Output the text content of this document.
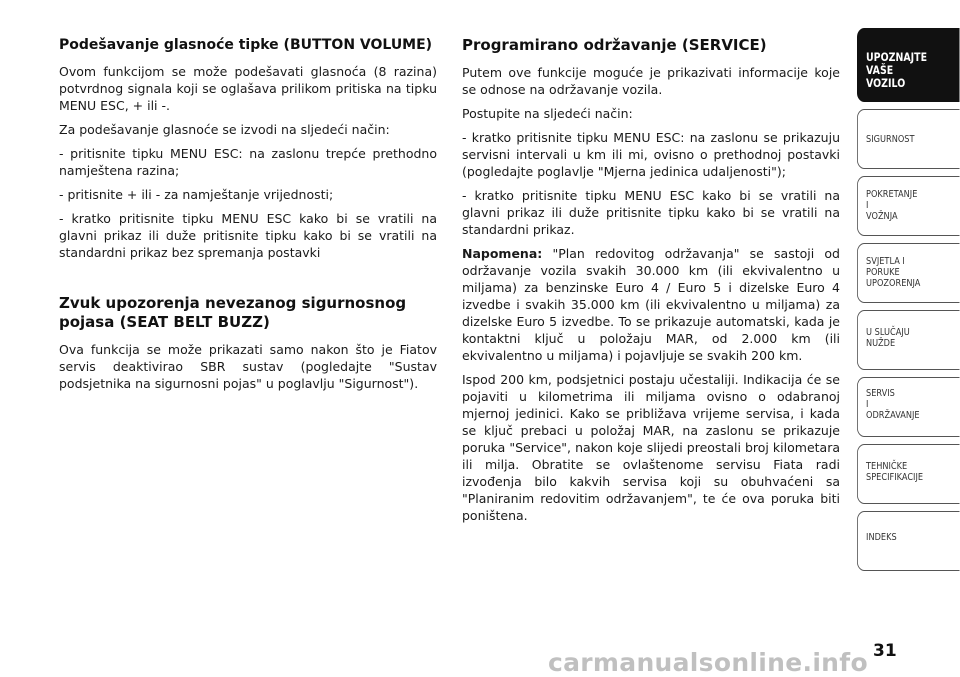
Podešavanje glasnoće tipke (BUTTON VOLUME)

Ovom funkcijom se može podešavati glasnoća (8 razina) potvrdnog signala koji se oglašava prilikom pritiska na tipku MENU ESC, + ili -.

Za podešavanje glasnoće se izvodi na sljedeći način:

- pritisnite tipku MENU ESC: na zaslonu trepće prethodno namještena razina;

- pritisnite + ili - za namještanje vrijednosti;

- kratko pritisnite tipku MENU ESC kako bi se vratili na glavni prikaz ili duže pritisnite tipku kako bi se vratili na standardni prikaz bez spremanja postavki

Zvuk upozorenja nevezanog sigurnosnog pojasa (SEAT BELT BUZZ)

Ova funkcija se može prikazati samo nakon što je Fiatov servis deaktivirao SBR sustav (pogledajte "Sustav podsjetnika na sigurnosni pojas" u poglavlju "Sigurnost").

Programirano održavanje (SERVICE)

Putem ove funkcije moguće je prikazivati informacije koje se odnose na održavanje vozila.

Postupite na sljedeći način:

- kratko pritisnite tipku MENU ESC: na zaslonu se prikazuju servisni intervali u km ili mi, ovisno o prethodnoj postavki (pogledajte poglavlje "Mjerna jedinica udaljenosti");

- kratko pritisnite tipku MENU ESC kako bi se vratili na glavni prikaz ili duže pritisnite tipku kako bi se vratili na standardni prikaz.

Napomena: "Plan redovitog održavanja" se sastoji od održavanje vozila svakih 30.000 km (ili ekvivalentno u miljama) za benzinske Euro 4 / Euro 5 i dizelske Euro 4 izvedbe i svakih 35.000 km (ili ekvivalentno u miljama) za dizelske Euro 5 izvedbe. To se prikazuje automatski, kada je kontaktni ključ u položaju MAR, od 2.000 km (ili ekvivalentno u miljama) i pojavljuje se svakih 200 km.

Ispod 200 km, podsjetnici postaju učestaliji. Indikacija će se pojaviti u kilometrima ili miljama ovisno o odabranoj mjernoj jedinici. Kako se približava vrijeme servisa, i kada se ključ prebaci u položaj MAR, na zaslonu se prikazuje poruka "Service", nakon koje slijedi preostali broj kilometara ili milja. Obratite se ovlaštenome servisu Fiata radi izvođenja bilo kakvih servisa koji su obuhvaćeni sa "Planiranim redovitim održavanjem", te će ova poruka biti poništena.

UPOZNAJTE
VAŠE
VOZILO
SIGURNOST
POKRETANJE
I
VOŽNJA
SVJETLA I
PORUKE
UPOZORENJA
U SLUČAJU
NUŽDE
SERVIS
I
ODRŽAVANJE
TEHNIČKE
SPECIFIKACIJE
INDEKS
31
carmanualsonline.info
